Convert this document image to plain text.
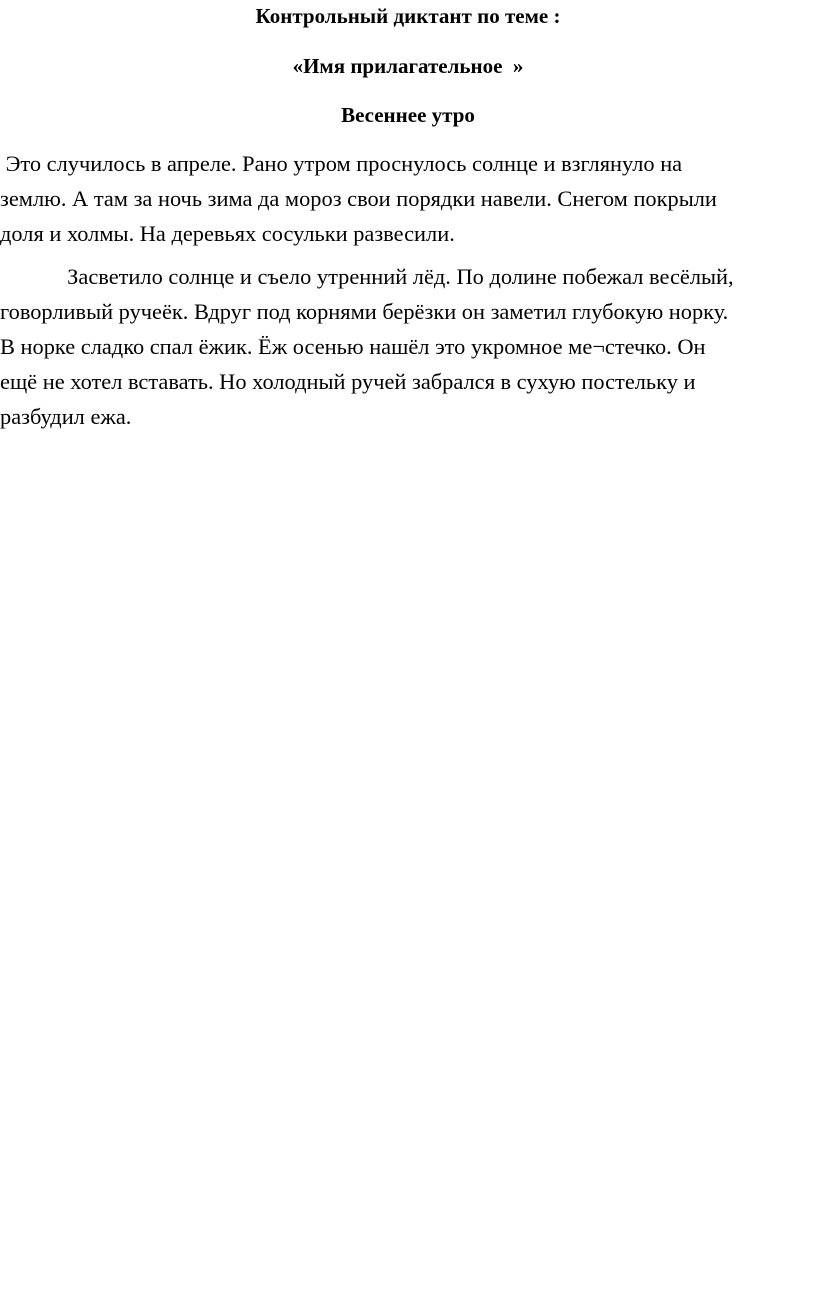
Контрольный диктант по теме :

«Имя прилагательное  »

Весеннее утро

Это случилось в апреле. Рано утром проснулось солнце и взглянуло на
землю. А там за ночь зима да мороз свои порядки навели. Снегом покрыли
доля и холмы. На деревьях сосульки развесили.
Засветило солнце и съело утренний лёд. По долине побежал весёлый,
говорливый ручеёк. Вдруг под корнями берёзки он заметил глубокую норку.
В норке сладко спал ёжик. Ёж осенью нашёл это укромное ме¬стечко. Он
ещё не хотел вставать. Но холодный ручей забрался в сухую постельку и
разбудил ежа.
